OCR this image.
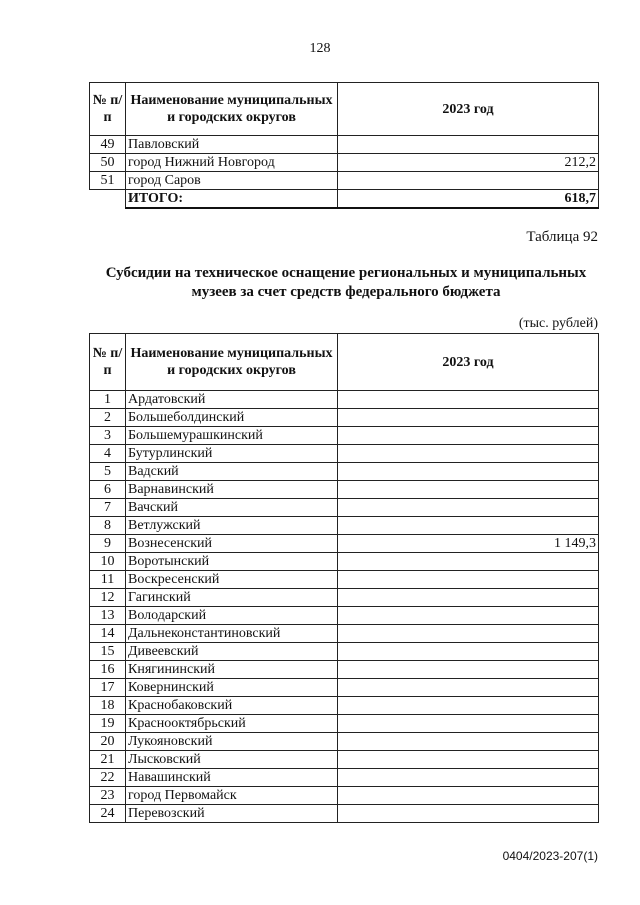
128
№ п/п	Наименование муниципальных и городских округов	2023 год
49	Павловский	
50	город Нижний Новгород	212,2
51	город Саров	
	ИТОГО:	618,7
Таблица 92
Субсидии на техническое оснащение региональных и муниципальных музеев за счет средств федерального бюджета
(тыс. рублей)
№ п/п	Наименование муниципальных и городских округов	2023 год
1	Ардатовский	
2	Большеболдинский	
3	Большемурашкинский	
4	Бутурлинский	
5	Вадский	
6	Варнавинский	
7	Вачский	
8	Ветлужский	
9	Вознесенский	1 149,3
10	Воротынский	
11	Воскресенский	
12	Гагинский	
13	Володарский	
14	Дальнеконстантиновский	
15	Дивеевский	
16	Княгининский	
17	Ковернинский	
18	Краснобаковский	
19	Краснооктябрьский	
20	Лукояновский	
21	Лысковский	
22	Навашинский	
23	город Первомайск	
24	Перевозский	
0404/2023-207(1)
